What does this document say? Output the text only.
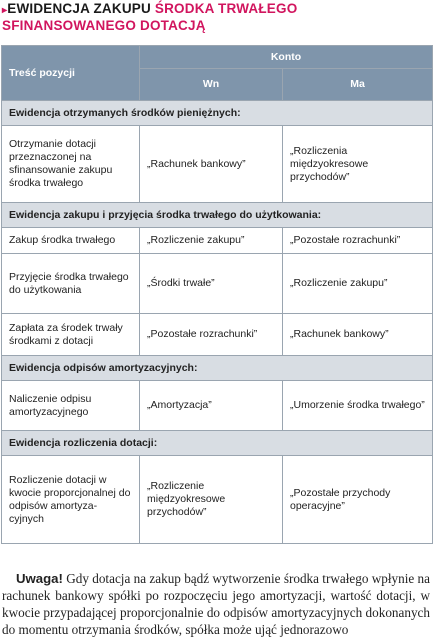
▸EWIDENCJA ZAKUPU ŚRODKA TRWAŁEGO
SFINANSOWANEGO DOTACJĄ
Treść pozycji	Konto	
	Wn	Ma
Ewidencja otrzymanych środków pieniężnych:		
Otrzymanie dotacji przeznaczonej na sfinansowanie zakupu środka trwałego	„Rachunek bankowy”	„Rozliczenia międzyokresowe przychodów”
Ewidencja zakupu i przyjęcia środka trwałego do użytkowania:		
Zakup środka trwałego	„Rozliczenie zakupu”	„Pozostałe rozrachunki”
Przyjęcie środka trwałego do użytkowania	„Środki trwałe”	„Rozliczenie zakupu”
Zapłata za środek trwały środkami z dotacji	„Pozostałe rozrachunki”	„Rachunek bankowy”
Ewidencja odpisów amortyzacyjnych:		
Naliczenie odpisu amortyzacyjnego	„Amortyzacja”	„Umorzenie środka trwałego”
Ewidencja rozliczenia dotacji:		
Rozliczenie dotacji w kwocie proporcjonalnej do odpisów amortyza-cyjnych	„Rozliczenie międzyokresowe przychodów”	„Pozostałe przychody operacyjne”
Uwaga! Gdy dotacja na zakup bądź wytworzenie środka trwałego wpłynie na rachunek bankowy spółki po rozpoczęciu jego amortyzacji, wartość dotacji, w kwocie przypadającej proporcjonalnie do odpisów amortyzacyjnych dokonanych do momentu otrzymania środków, spółka może ująć jednorazowo
